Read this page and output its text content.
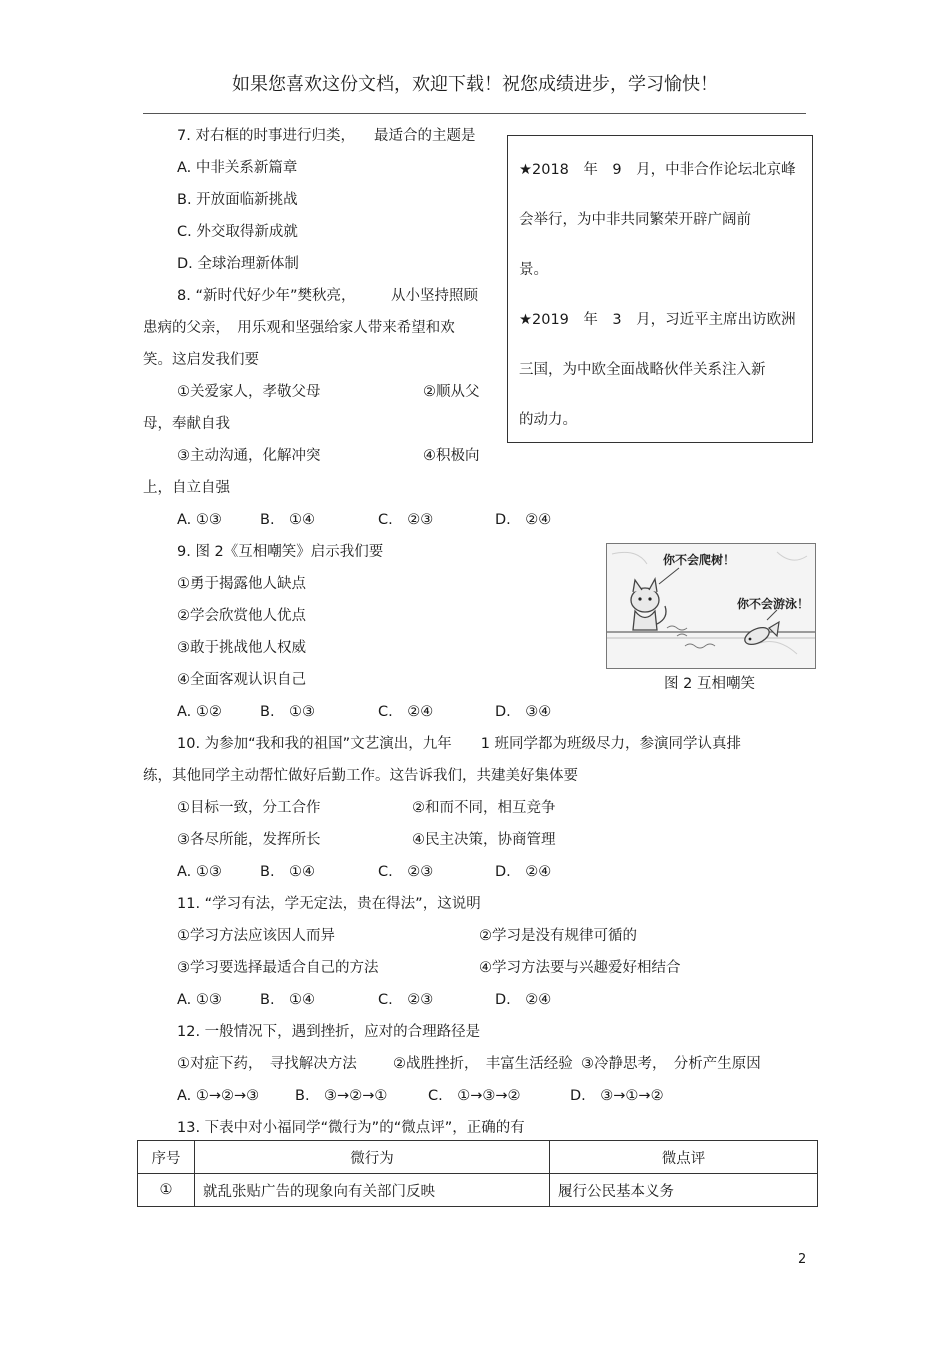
如果您喜欢这份文档，欢迎下载！祝您成绩进步，学习愉快！
7. 对右框的时事进行归类， 最适合的主题是
A. 中非关系新篇章
B. 开放面临新挑战
C. 外交取得新成就
D. 全球治理新体制
★2018　年　9　月，中非合作论坛北京峰
会举行，为中非共同繁荣开辟广阔前
景。
★2019　年　3　月，习近平主席出访欧洲
三国，为中欧全面战略伙伴关系注入新
的动力。
8. “新时代好少年”樊秋亮， 从小坚持照顾
患病的父亲，　用乐观和坚强给家人带来希望和欢
笑。这启发我们要
①关爱家人，孝敬父母	②顺从父
母，奉献自我
③主动沟通，化解冲突	④积极向
上，自立自强
A. ①③	B.　①④	C.　②③	D.　②④
9. 图 2《互相嘲笑》启示我们要
①勇于揭露他人缺点
②学会欣赏他人优点
③敢于挑战他人权威
④全面客观认识自己
A. ①②	B.　①③	C.　②④	D.　③④
你不会爬树！
你不会游泳！
图 2 互相嘲笑
10. 为参加“我和我的祖国”文艺演出，九年　　1 班同学都为班级尽力，参演同学认真排
练，其他同学主动帮忙做好后勤工作。这告诉我们，共建美好集体要
①目标一致，分工合作	②和而不同，相互竞争
③各尽所能，发挥所长	④民主决策，协商管理
A. ①③	B.　①④	C.　②③	D.　②④
11. “学习有法，学无定法，贵在得法”，这说明
①学习方法应该因人而异	②学习是没有规律可循的
③学习要选择最适合自己的方法	④学习方法要与兴趣爱好相结合
A. ①③	B.　①④	C.　②③	D.　②④
12. 一般情况下，遇到挫折，应对的合理路径是
①对症下药，　寻找解决方法	②战胜挫折，　丰富生活经验 ③冷静思考，　分析产生原因
A. ①→②→③ B.　③→②→①	C.　①→③→②	D.　③→①→②
13. 下表中对小福同学“微行为”的“微点评”，正确的有
序号	微行为	微点评
①	就乱张贴广告的现象向有关部门反映	履行公民基本义务
2
